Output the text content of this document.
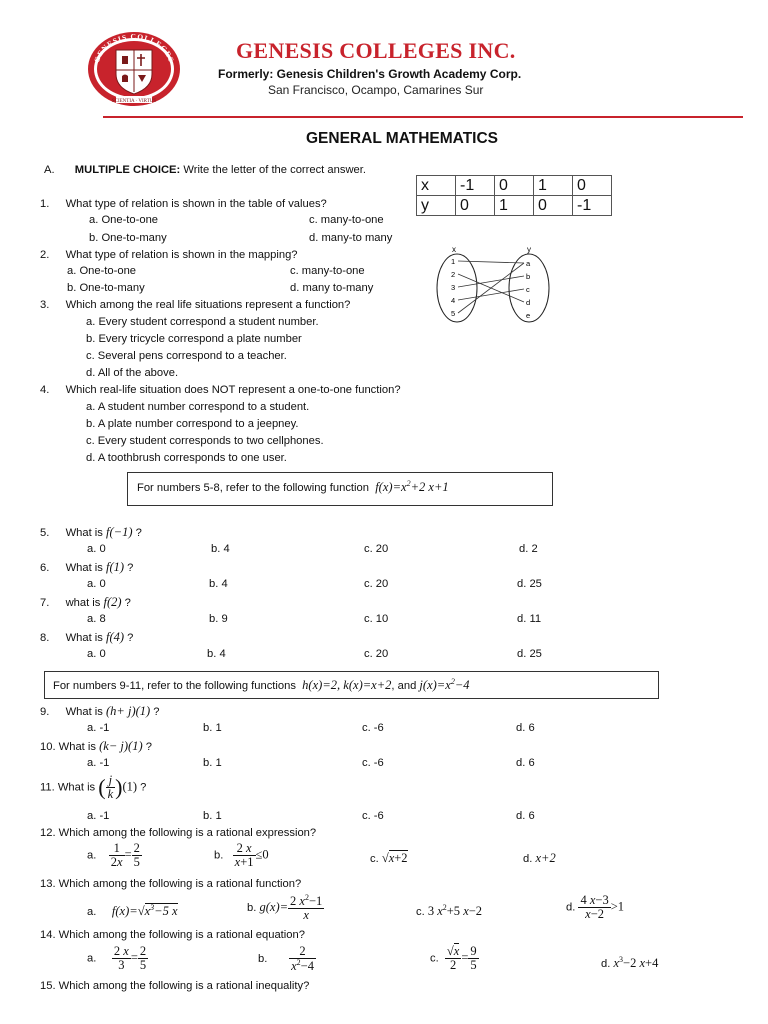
SCIENTIA · VIRTUS
GENESIS COLLEGES	GENESIS COLLEGES INC.
Formerly: Genesis Children's Growth Academy Corp.
San Francisco, Ocampo, Camarines Sur
GENERAL MATHEMATICS
A. MULTIPLE CHOICE: Write the letter of the correct answer.
x	-1	0	1	0
y	0	1	0	-1
1. What type of relation is shown in the table of values?
a. One-to-one	c. many-to-one
b. One-to-many	d. many-to many
x	y
1
2
3
4
5
a
b
c
d
e
2. What type of relation is shown in the mapping?
a. One-to-one	c. many-to-one
b. One-to-many	d. many to-many
3. Which among the real life situations represent a function?
a. Every student correspond a student number.
b. Every tricycle correspond a plate number
c. Several pens correspond to a teacher.
d. All of the above.
4. Which real-life situation does NOT represent a one-to-one function?
a. A student number correspond to a student.
b. A plate number correspond to a jeepney.
c. Every student corresponds to two cellphones.
d. A toothbrush corresponds to one user.
For numbers 5-8, refer to the following function  $f(x)=x^2+2$ x+1
5. What is f(−1) ?
a. 0	b. 4	c. 20	d. 2
6. What is f(1) ?
a. 0	b. 4	c. 20	d. 25
7. what is f(2) ?
a. 8	b. 9	c. 10	d. 11
8. What is f(4) ?
a. 0	b. 4	c. 20	d. 25
For numbers 9-11, refer to the following functions  h(x)=2, k(x)=x+2, and $j(x)=x^2-4$
9. What is (h+ j)(1) ?
a. -1	b. 1	c. -6	d. 6
10. What is (k− j)(1) ?
a. -1	b. 1	c. -6	d. 6
11. What is ( $\frac{j}{k} )(1)$ ?
a. -1	b. 1	c. -6	d. 6
12. Which among the following is a rational expression?
a. $\frac{1}{2x} = \frac{2}{5}$	b. $\frac{2 x}{x+1} \le 0$	c. √x+2	d. x+2
13. Which among the following is a rational function?
a. $f(x)=√x^3-5$ x	b. $g(x)= \frac{2 x^2-1}{x}$	c. 3 $x^2+5$ x−2	d. $\frac{4 x-3}{x-2} >1$
14. Which among the following is a rational equation?
a. $\frac{2 x}{3} = \frac{2}{5}$	b. $\frac{2}{x^2-4}$	c. $\frac{√x}{2} = \frac{9}{5}$	d. $x^3-2$ x+4
15. Which among the following is a rational inequality?
